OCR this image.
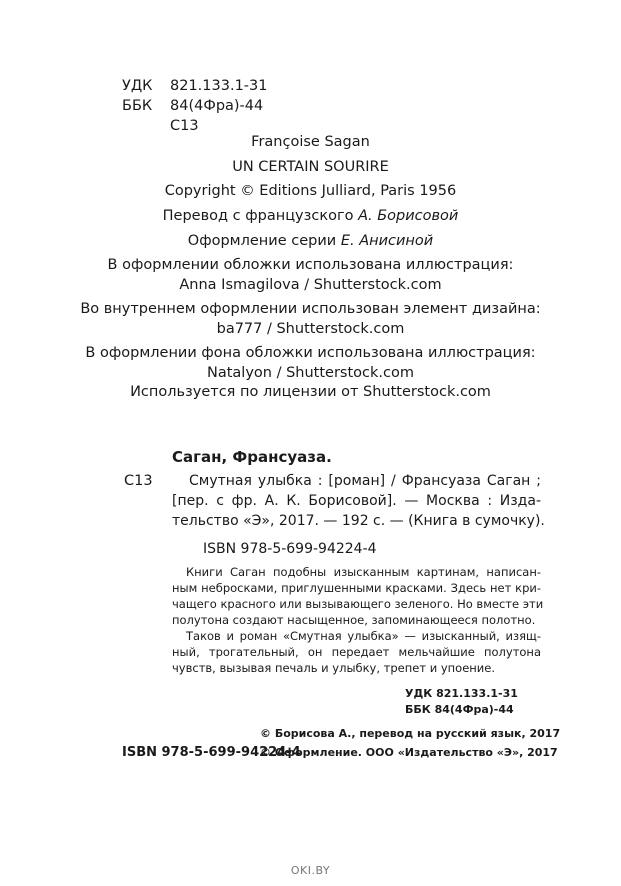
УДК 821.133.1-31
ББК 84(4Фра)-44
С13
Françoise Sagan
UN CERTAIN SOURIRE
Copyright © Editions Julliard, Paris 1956
Перевод с французского А. Борисовой
Оформление серии Е. Анисиной
В оформлении обложки использована иллюстрация:
Anna Ismagilova / Shutterstock.com
Во внутреннем оформлении использован элемент дизайна:
ba777 / Shutterstock.com
В оформлении фона обложки использована иллюстрация:
Natalyon / Shutterstock.com
Используется по лицензии от Shutterstock.com
Саган, Франсуаза.
С13	Смутная улыбка : [роман] / Франсуаза Саган ;
[пер. с фр. А. К. Борисовой]. — Москва : Изда-
тельство «Э», 2017. — 192 с. — (Книга в сумочку).
ISBN 978-5-699-94224-4
Книги Саган подобны изысканным картинам, написан-
ным небросками, приглушенными красками. Здесь нет кри-
чащего красного или вызывающего зеленого. Но вместе эти
полутона создают насыщенное, запоминающееся полотно.
Таков и роман «Смутная улыбка» — изысканный, изящ-
ный, трогательный, он передает мельчайшие полутона
чувств, вызывая печаль и улыбку, трепет и упоение.
УДК 821.133.1-31
ББК 84(4Фра)-44
© Борисова А., перевод на русский язык, 2017
ISBN 978-5-699-94224-4
© Оформление. ООО «Издательство «Э», 2017
OKI.BY
